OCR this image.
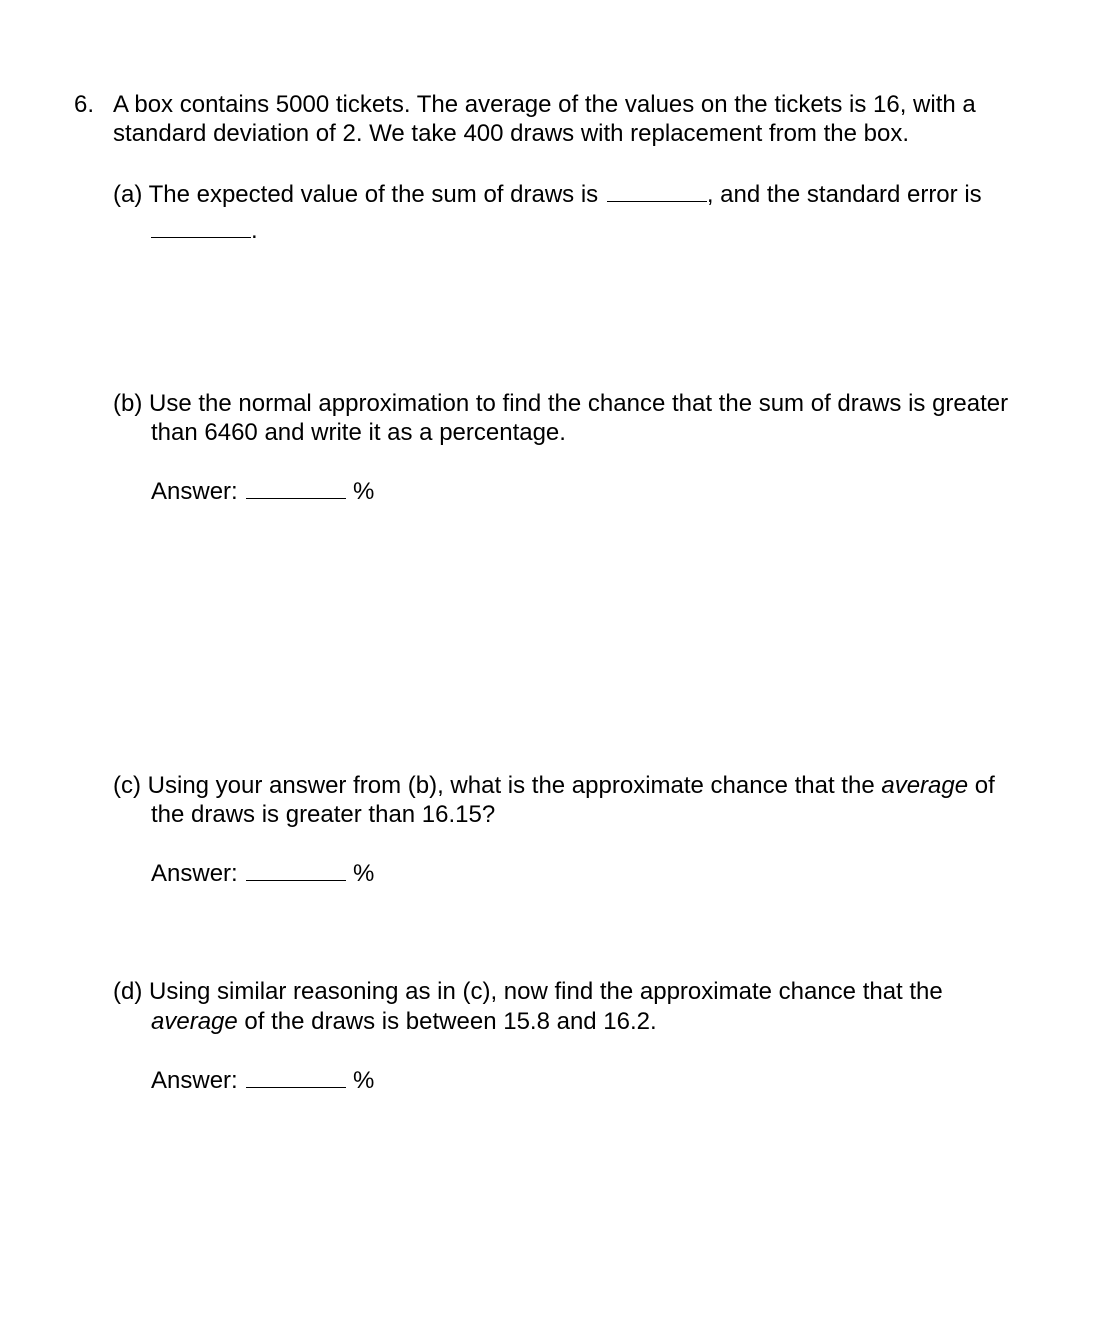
6. A box contains 5000 tickets. The average of the values on the tickets is 16, with a
standard deviation of 2. We take 400 draws with replacement from the box.
(a) The expected value of the sum of draws is	, and the standard error is
.
(b) Use the normal approximation to find the chance that the sum of draws is greater
than 6460 and write it as a percentage.
Answer:	%
(c) Using your answer from (b), what is the approximate chance that the average of
the draws is greater than 16.15?
Answer:	%
(d) Using similar reasoning as in (c), now find the approximate chance that the
average of the draws is between 15.8 and 16.2.
Answer:	%
